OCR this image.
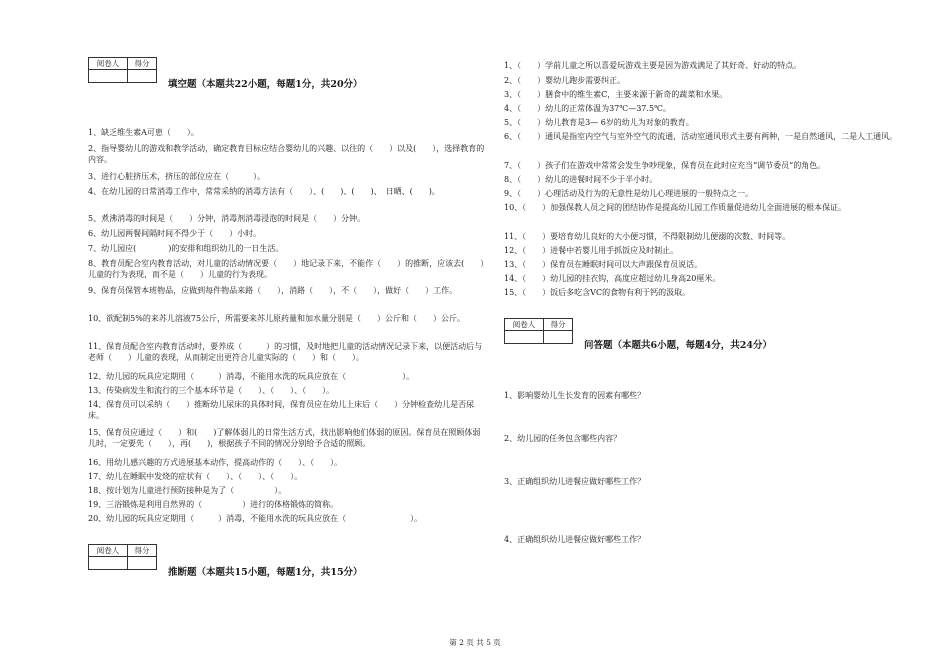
阅卷人	得分

填空题（本题共22小题，每题1分，共20分）
1、缺乏维生素A可患（　　）。
2、指导婴幼儿的游戏和教学活动，确定教育目标应结合婴幼儿的兴趣、以往的（　　）以及(　　），选择教育的内容。
3、进行心脏挤压术，挤压的部位应在（　　　）。
4、在幼儿园的日常消毒工作中，常常采纳的消毒方法有（　　）、(　　)、(　　)、　日晒、(　　)。
5、煮沸消毒的时间是（　　）分钟，消毒剂消毒浸泡的时间是（　　）分钟。
6、幼儿园两餐间隔时间不得少于（　　）小时。
7、幼儿园应(　　　　)的安排和组织幼儿的一日生活。
8、教育员配合室内教育活动，对儿童的活动情况要（　　）地记录下来，不能作（　　）的推断，应该去(　　）儿童的行为表现，而不是（　　）儿童的行为表现。
9、保育员保管本班物品，应做到每件物品来路（　　），消路（　　），不（　　），做好（　　）工作。
10、欲配制5%的来苏儿溶液75公斤，所需要来苏儿原药量和加水量分别是（　　）公斤和（　　）公斤。
11、保育员配合室内教育活动时，要养成（　　　）的习惯，及时地把儿童的活动情况记录下来，以便活动后与老师（　　）儿童的表现，从而制定出更符合儿童实际的（　　）和（　　）。
12、幼儿园的玩具应定期用（　　　）消毒，不能用水洗的玩具应放在（　　　　　　　）。
13、传染病发生和流行的三个基本环节是（　　）、（　　）、（　　）。
14、保育员可以采纳（　　）推断幼儿尿床的具体时间，保育员应在幼儿上床后（　　）分钟检查幼儿是否尿床。
15、保育员应通过（　　）和(　　)了解体弱儿的日常生活方式，找出影响他们体弱的原因。保育员在照顾体弱儿时，一定要先（　　），再(　　)，根据孩子不同的情况分别给予合适的照顾。
16、用幼儿感兴趣的方式进展基本动作，提高动作的（　　）、（　　）。
17、幼儿在睡眠中发烧的症状有（　　）、（　　）、（　　）。
18、按计划为儿童进行预防接种是为了（　　　　　）。
19、三浴锻炼是利用自然界的（　　　　　）进行的体格锻炼的简称。
20、幼儿园的玩具应定期用（　　　）消毒，不能用水洗的玩具应放在（　　　　　　　　）。
阅卷人	得分

推断题（本题共15小题，每题1分，共15分）
1、（　　）学前儿童之所以喜爱玩游戏主要是因为游戏满足了其好奇、好动的特点。
2、（　　）婴幼儿跑步需要纠正。
3、（　　）膳食中的维生素C，主要来源于新奇的蔬菜和水果。
4、（　　）幼儿的正常体温为37℃—37.5℃。
5、（　　）幼儿教育是3— 6岁的幼儿为对象的教育。
6、（　　）通风是指室内空气与室外空气的流通，活动室通风形式主要有两种，一是自然通风，二是人工通风。
7、（　　）孩子们在游戏中常常会发生争吵现象，保育员在此时应充当“调节委员”的角色。
8、（　　）幼儿的进餐时间不少于半小时。
9、（　　）心理活动及行为的无意性是幼儿心理进展的一般特点之一。
10、（　　）加强保教人员之间的团结协作是提高幼儿园工作质量促进幼儿全面进展的根本保证。
11、（　　）要培育幼儿良好的大小便习惯，不得限制幼儿便溺的次数、时间等。
12、（　　）进餐中若婴儿用手抓饭应及时制止。
13、（　　）保育员在睡眠时间可以大声跟保育员说话。
14、（　　）幼儿园的挂衣钩，高度应超过幼儿身高20厘米。
15、（　　）饭后多吃含VC的食物有利于钙的汲取。
阅卷人	得分

问答题（本题共6小题，每题4分，共24分）
1、影响婴幼儿生长发育的因素有哪些？
2、幼儿园的任务包含哪些内容？
3、正确组织幼儿进餐应做好哪些工作？
4、正确组织幼儿进餐应做好哪些工作？
第 2 页 共 5 页
